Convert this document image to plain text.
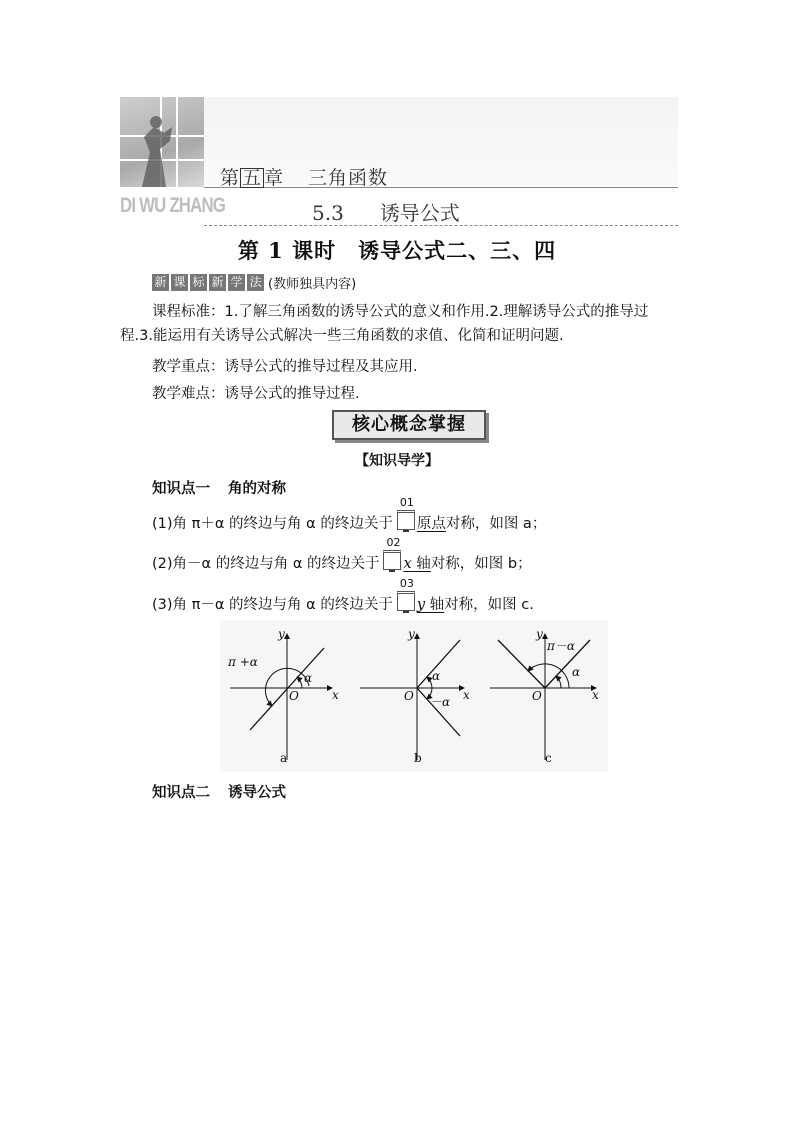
第 五 章 三角函数
DI WU ZHANG	5.3 诱导公式
第 1 课时　诱导公式二、三、四
新 课 标 新 学 法 (教师独具内容)
课程标准：1.了解三角函数的诱导公式的意义和作用.2.理解诱导公式的推导过程.3.能运用有关诱导公式解决一些三角函数的求值、化简和证明问题.
教学重点：诱导公式的推导过程及其应用.
教学难点：诱导公式的推导过程.
核心概念掌握
【知识导学】
知识点一 角的对称
(1)角 π＋α 的终边与角 α 的终边关于
01
原点对称，如图 a；
(2)角－α 的终边与角 α 的终边关于
02
x 轴对称，如图 b；
(3)角 π－α 的终边与角 α 的终边关于
03
y 轴对称，如图 c.
y
x
O
π +α
α
a
y
x
O
α
－α
b
y
x
O
π－α
α
c
知识点二 诱导公式
